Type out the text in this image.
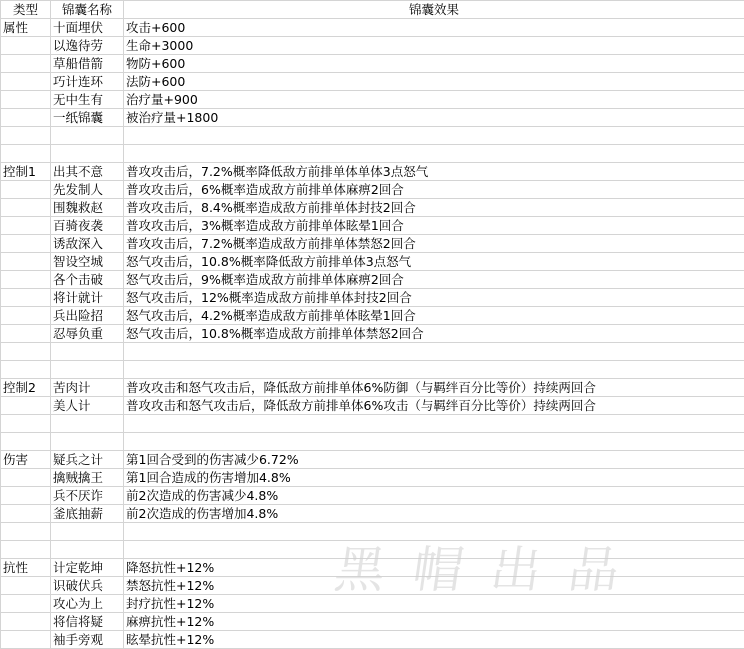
类型	锦囊名称	锦囊效果
属性	十面埋伏	攻击+600
	以逸待劳	生命+3000
	草船借箭	物防+600
	巧计连环	法防+600
	无中生有	治疗量+900
	一纸锦囊	被治疗量+1800

控制1	出其不意	普攻攻击后，7.2%概率降低敌方前排单体单体3点怒气
	先发制人	普攻攻击后，6%概率造成敌方前排单体麻痹2回合
	围魏救赵	普攻攻击后，8.4%概率造成敌方前排单体封技2回合
	百骑夜袭	普攻攻击后，3%概率造成敌方前排单体眩晕1回合
	诱敌深入	普攻攻击后，7.2%概率造成敌方前排单体禁怒2回合
	智设空城	怒气攻击后，10.8%概率降低敌方前排单体3点怒气
	各个击破	怒气攻击后，9%概率造成敌方前排单体麻痹2回合
	将计就计	怒气攻击后，12%概率造成敌方前排单体封技2回合
	兵出险招	怒气攻击后，4.2%概率造成敌方前排单体眩晕1回合
	忍辱负重	怒气攻击后，10.8%概率造成敌方前排单体禁怒2回合

控制2	苦肉计	普攻攻击和怒气攻击后，降低敌方前排单体6%防御（与羁绊百分比等价）持续两回合
	美人计	普攻攻击和怒气攻击后，降低敌方前排单体6%攻击（与羁绊百分比等价）持续两回合

伤害	疑兵之计	第1回合受到的伤害减少6.72%
	擒贼擒王	第1回合造成的伤害增加4.8%
	兵不厌诈	前2次造成的伤害减少4.8%
	釜底抽薪	前2次造成的伤害增加4.8%

抗性	计定乾坤	降怒抗性+12%
	识破伏兵	禁怒抗性+12%
	攻心为上	封疗抗性+12%
	将信将疑	麻痹抗性+12%
	袖手旁观	眩晕抗性+12%
黑帽出品
